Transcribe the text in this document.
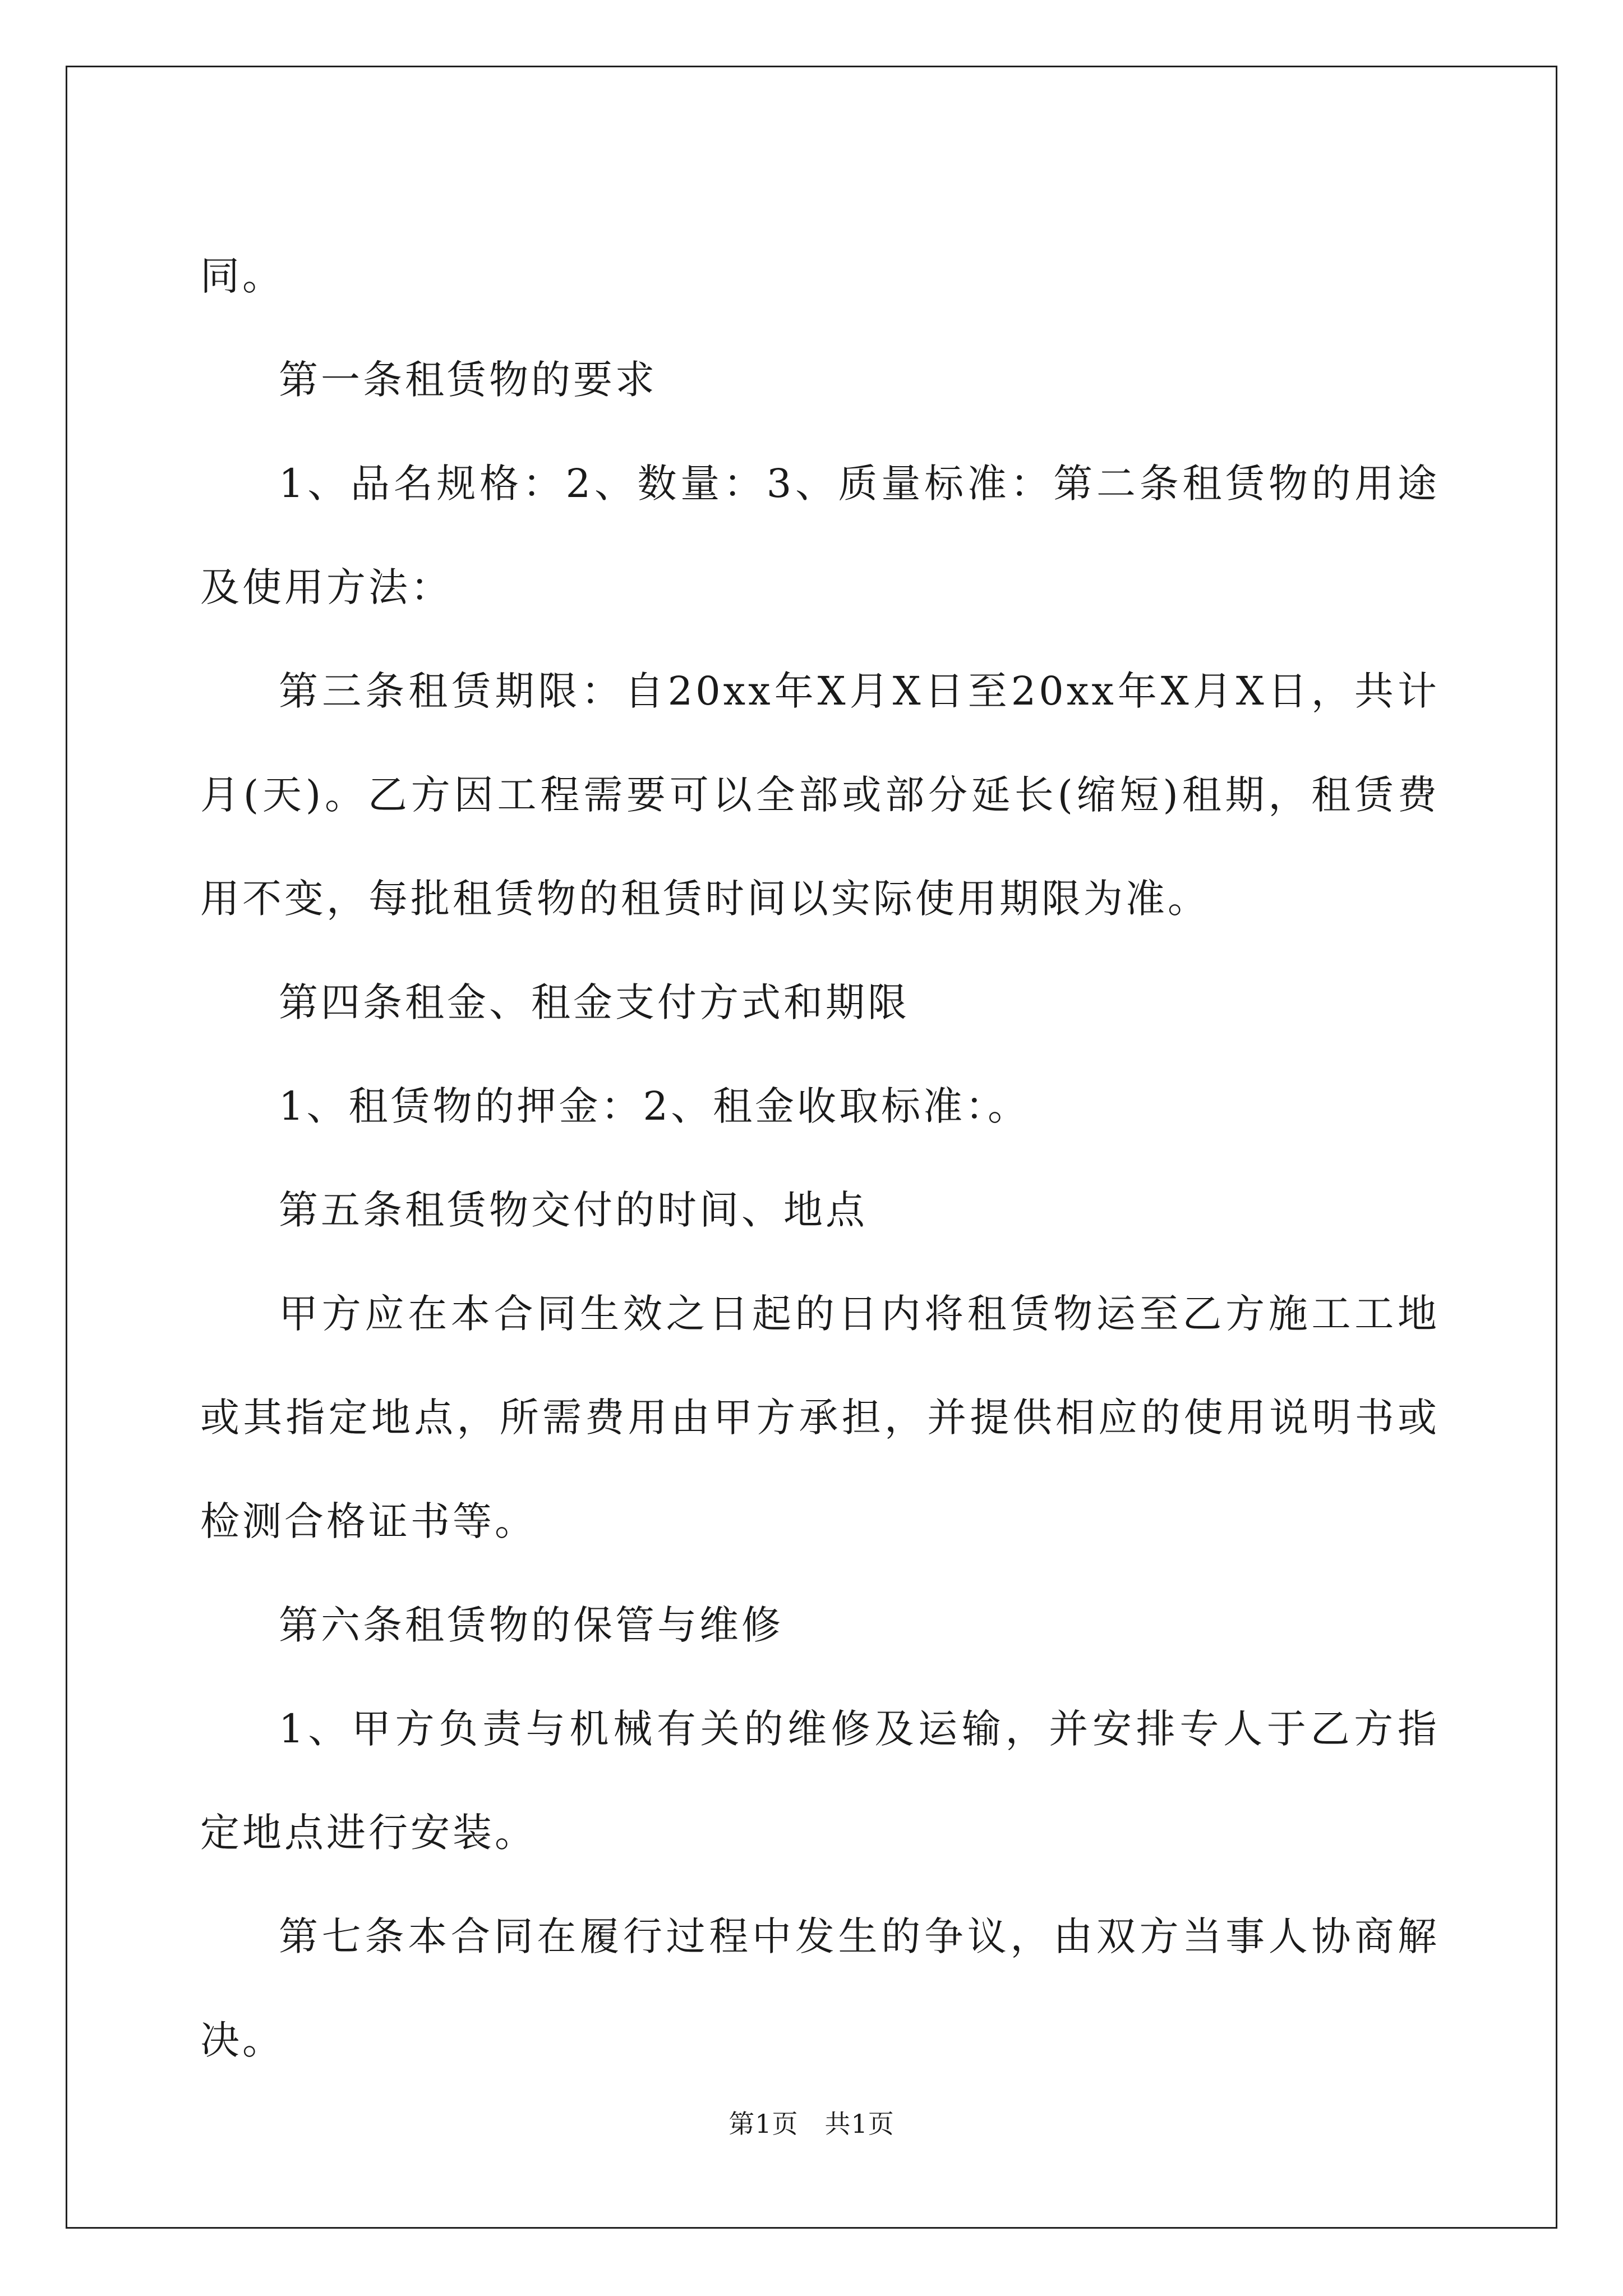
同。

第一条租赁物的要求

1、品名规格：2、数量：3、质量标准：第二条租赁物的用途及使用方法：

第三条租赁期限：自20xx年X月X日至20xx年X月X日，共计月(天)。乙方因工程需要可以全部或部分延长(缩短)租期，租赁费用不变，每批租赁物的租赁时间以实际使用期限为准。

第四条租金、租金支付方式和期限

1、租赁物的押金：2、租金收取标准：。

第五条租赁物交付的时间、地点

甲方应在本合同生效之日起的日内将租赁物运至乙方施工工地或其指定地点，所需费用由甲方承担，并提供相应的使用说明书或检测合格证书等。

第六条租赁物的保管与维修

1、甲方负责与机械有关的维修及运输，并安排专人于乙方指定地点进行安装。

第七条本合同在履行过程中发生的争议，由双方当事人协商解决。

第1页　共1页
